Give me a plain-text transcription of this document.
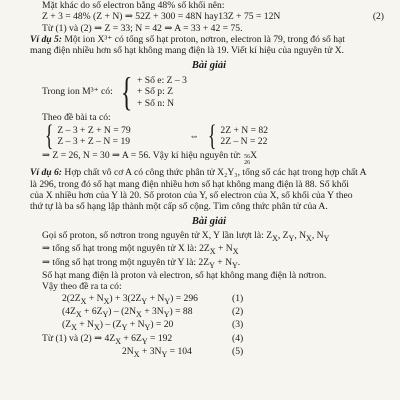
Mặt khác do số electron bằng 48% số khối nên:
Z + 3 = 48% (Z + N) ⇒ 52Z + 300 = 48N hay13Z + 75 = 12N	(2)
Từ (1) và (2) ⇒ Z = 33; N = 42 ⇒ A = 33 + 42 = 75.
Ví dụ 5: Một ion X³⁺ có tổng số hạt proton, nơtron, electron là 79, trong đó số hạt
mang điện nhiều hơn số hạt không mang điện là 19. Viết kí hiệu của nguyên tử X.
Bài giải
Trong ion M³⁺ có: { + Số e: Z – 3
+ Số p: Z
+ Số n: N
Theo đề bài ta có:
{ Z – 3 + Z + N = 79
Z – 3 + Z – N = 19
⇔ { 2Z + N = 82
2Z – N = 22
⇒ Z = 26, N = 30 ⇒ A = 56. Vậy kí hiệu nguyên tử: 56
26
X
Ví dụ 6: Hợp chất vô cơ A có công thức phân tử X₂Y₃, tổng số các hạt trong hợp chất A
là 296, trong đó số hạt mang điện nhiều hơn số hạt không mang điện là 88. Số khối
của X nhiều hơn của Y là 20. Số proton của Y, số electron của X, số khối của Y theo
thứ tự là ba số hạng lập thành một cấp số cộng. Tìm công thức phân tử của A.
Bài giải
Gọi số proton, số nơtron trong nguyên tử X, Y lần lượt là: $Z_X$, $Z_Y$, $N_X$, $N_Y$
⇒ tổng số hạt trong một nguyên tử X là: $2Z_X + N_X$
⇒ tổng số hạt trong một nguyên tử Y là: $2Z_Y + N_Y$.
Số hạt mang điện là proton và electron, số hạt không mang điện là nơtron.
Vậy theo đề ra ta có:
$2(2Z_X + N_X) + 3(2Z_Y + N_Y) = 296$	(1)
$(4Z_X + 6Z_Y) - (2N_X + 3N_Y) = 88$	(2)
$(Z_X + N_X) - (Z_Y + N_Y) = 20$	(3)
Từ (1) và (2) ⇒ $4Z_X + 6Z_Y = 192$	(4)
$2N_X + 3N_Y = 104$	(5)
